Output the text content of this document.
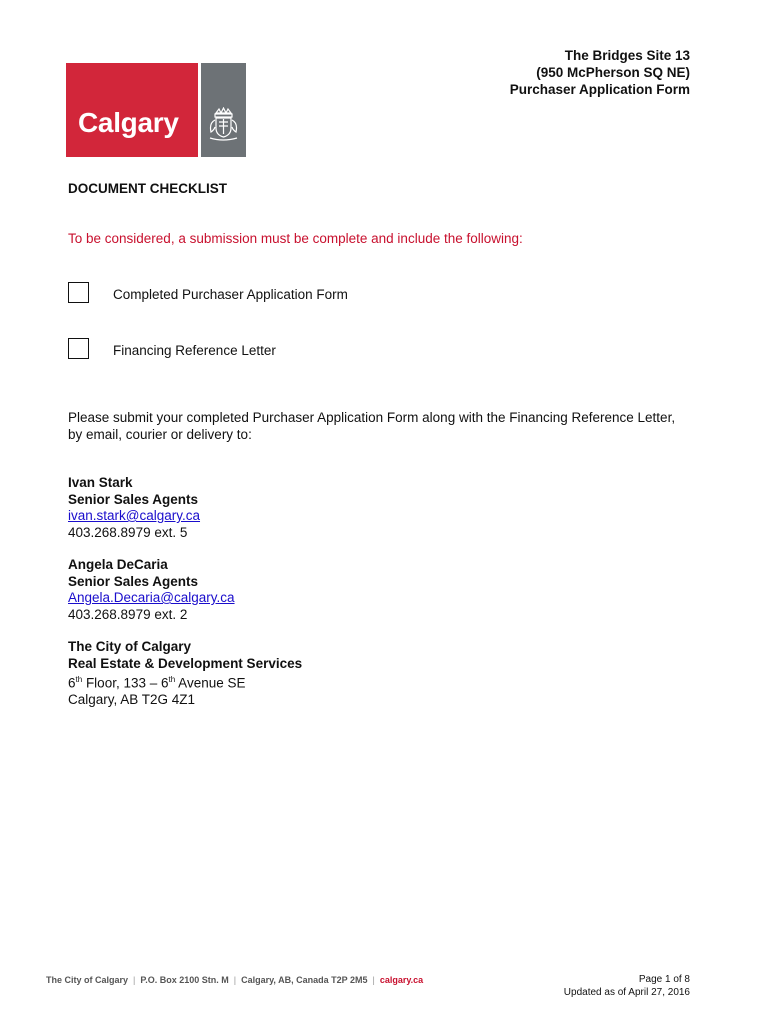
Calgary
The Bridges Site 13
(950 McPherson SQ NE)
Purchaser Application Form
DOCUMENT CHECKLIST
To be considered, a submission must be complete and include the following:
Completed Purchaser Application Form
Financing Reference Letter
Please submit your completed Purchaser Application Form along with the Financing Reference Letter, by email, courier or delivery to:
Ivan Stark
Senior Sales Agents
ivan.stark@calgary.ca
403.268.8979 ext. 5
Angela DeCaria
Senior Sales Agents
Angela.Decaria@calgary.ca
403.268.8979 ext. 2
The City of Calgary
Real Estate & Development Services
6th Floor, 133 – 6th Avenue SE
Calgary, AB T2G 4Z1
The City of Calgary | P.O. Box 2100 Stn. M | Calgary, AB, Canada T2P 2M5 | calgary.ca	Page 1 of 8
Updated as of April 27, 2016
